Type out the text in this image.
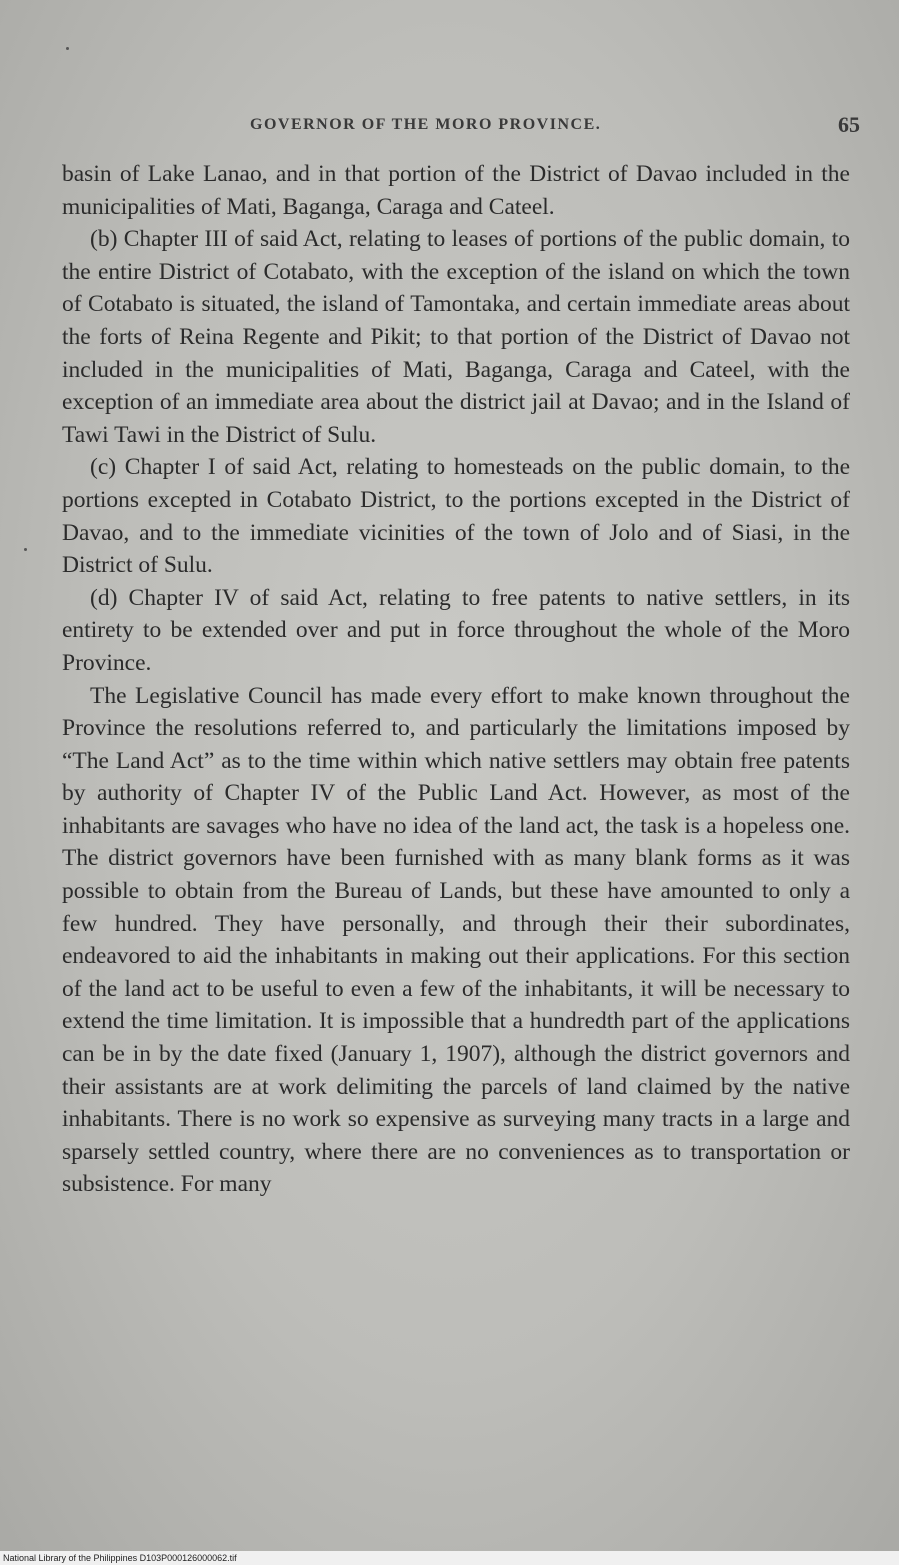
GOVERNOR OF THE MORO PROVINCE.	65

basin of Lake Lanao, and in that portion of the District of Davao included in the municipalities of Mati, Baganga, Caraga and Cateel.

(b) Chapter III of said Act, relating to leases of portions of the public domain, to the entire District of Cotabato, with the exception of the island on which the town of Cotabato is situated, the island of Tamontaka, and certain immediate areas about the forts of Reina Regente and Pikit; to that portion of the District of Davao not included in the municipalities of Mati, Baganga, Caraga and Cateel, with the exception of an immediate area about the district jail at Davao; and in the Island of Tawi Tawi in the District of Sulu.

(c) Chapter I of said Act, relating to homesteads on the public domain, to the portions excepted in Cotabato District, to the portions excepted in the District of Davao, and to the immediate vicinities of the town of Jolo and of Siasi, in the District of Sulu.

(d) Chapter IV of said Act, relating to free patents to native settlers, in its entirety to be extended over and put in force throughout the whole of the Moro Province.

The Legislative Council has made every effort to make known throughout the Province the resolutions referred to, and particularly the limitations imposed by “The Land Act” as to the time within which native settlers may obtain free patents by authority of Chapter IV of the Public Land Act. However, as most of the inhabitants are savages who have no idea of the land act, the task is a hopeless one. The district governors have been furnished with as many blank forms as it was possible to obtain from the Bureau of Lands, but these have amounted to only a few hundred. They have personally, and through their their subordinates, endeavored to aid the inhabitants in making out their applications. For this section of the land act to be useful to even a few of the inhabitants, it will be necessary to extend the time limitation. It is impossible that a hundredth part of the applications can be in by the date fixed (January 1, 1907), although the district governors and their assistants are at work delimiting the parcels of land claimed by the native inhabitants. There is no work so expensive as surveying many tracts in a large and sparsely settled country, where there are no conveniences as to transportation or subsistence. For many

National Library of the Philippines D103P000126000062.tif
